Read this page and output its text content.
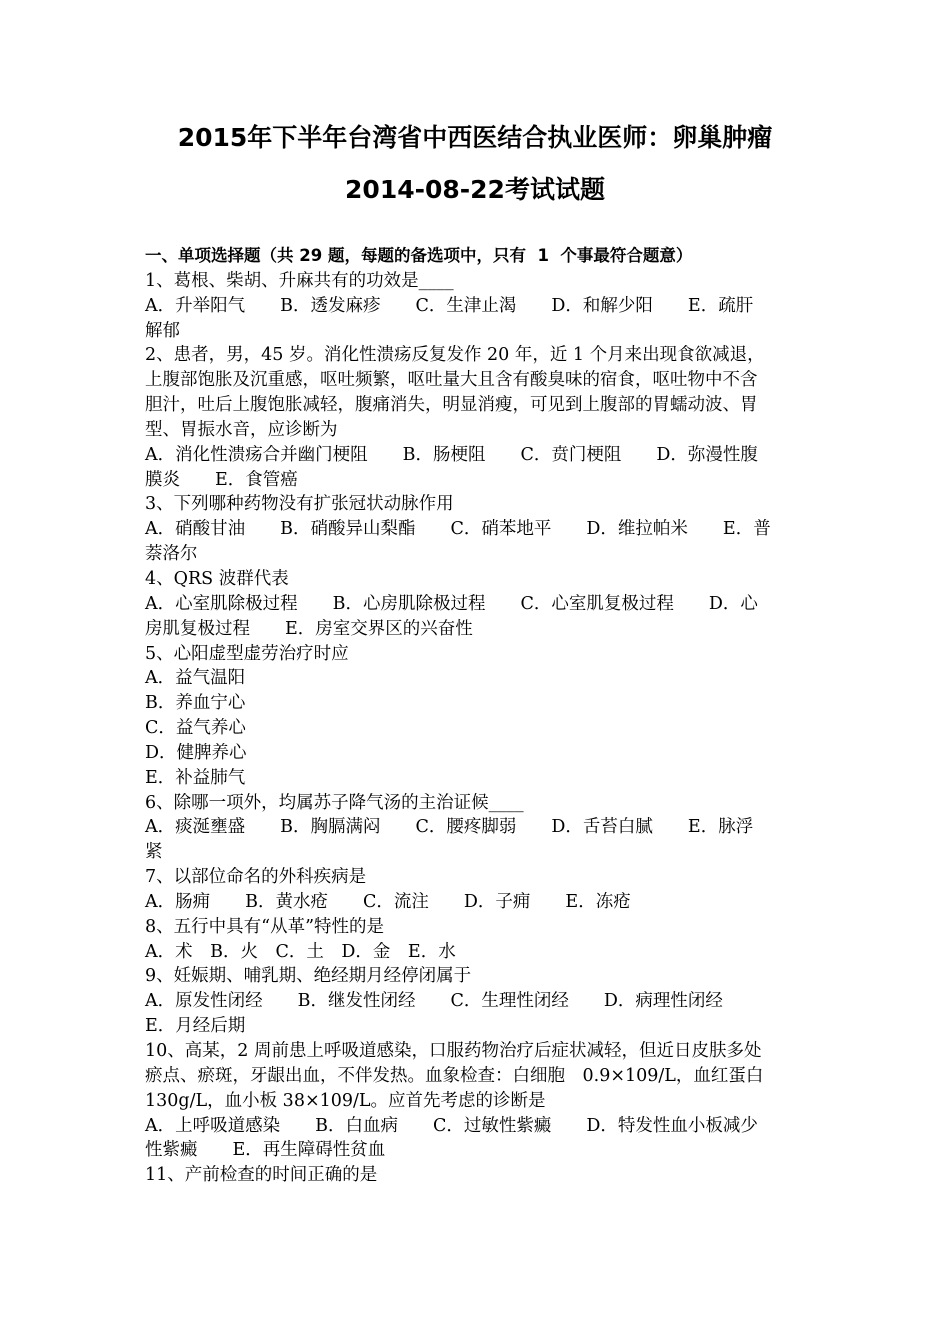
2015年下半年台湾省中西医结合执业医师：卵巢肿瘤
2014-08-22考试试题
一、单项选择题（共 29 题，每题的备选项中，只有  1  个事最符合题意）
1、葛根、柴胡、升麻共有的功效是____
A．升举阳气　　B．透发麻疹　　C．生津止渴　　D．和解少阳　　E．疏肝
解郁
2、患者，男，45 岁。消化性溃疡反复发作 20 年，近 1 个月来出现食欲减退，
上腹部饱胀及沉重感，呕吐频繁，呕吐量大且含有酸臭味的宿食，呕吐物中不含
胆汁，吐后上腹饱胀减轻，腹痛消失，明显消瘦，可见到上腹部的胃蠕动波、胃
型、胃振水音，应诊断为
A．消化性溃疡合并幽门梗阻　　B．肠梗阻　　C．贲门梗阻　　D．弥漫性腹
膜炎　　E．食管癌
3、下列哪种药物没有扩张冠状动脉作用
A．硝酸甘油　　B．硝酸异山梨酯　　C．硝苯地平　　D．维拉帕米　　E．普
萘洛尔
4、QRS 波群代表
A．心室肌除极过程　　B．心房肌除极过程　　C．心室肌复极过程　　D．心
房肌复极过程　　E．房室交界区的兴奋性
5、心阳虚型虚劳治疗时应
A．益气温阳
B．养血宁心
C．益气养心
D．健脾养心
E．补益肺气
6、除哪一项外，均属苏子降气汤的主治证候____
A．痰涎壅盛　　B．胸膈满闷　　C．腰疼脚弱　　D．舌苔白腻　　E．脉浮
紧
7、以部位命名的外科疾病是
A．肠痈　　B．黄水疮　　C．流注　　D．子痈　　E．冻疮
8、五行中具有“从革”特性的是
A．术　B．火　C．土　D．金　E．水
9、妊娠期、哺乳期、绝经期月经停闭属于
A．原发性闭经　　B．继发性闭经　　C．生理性闭经　　D．病理性闭经
E．月经后期
10、高某，2 周前患上呼吸道感染，口服药物治疗后症状减轻，但近日皮肤多处
瘀点、瘀斑，牙龈出血，不伴发热。血象检查：白细胞　0.9×109/L，血红蛋白
130g/L，血小板 38×109/L。应首先考虑的诊断是
A．上呼吸道感染　　B．白血病　　C．过敏性紫癜　　D．特发性血小板减少
性紫癜　　E．再生障碍性贫血
11、产前检查的时间正确的是
